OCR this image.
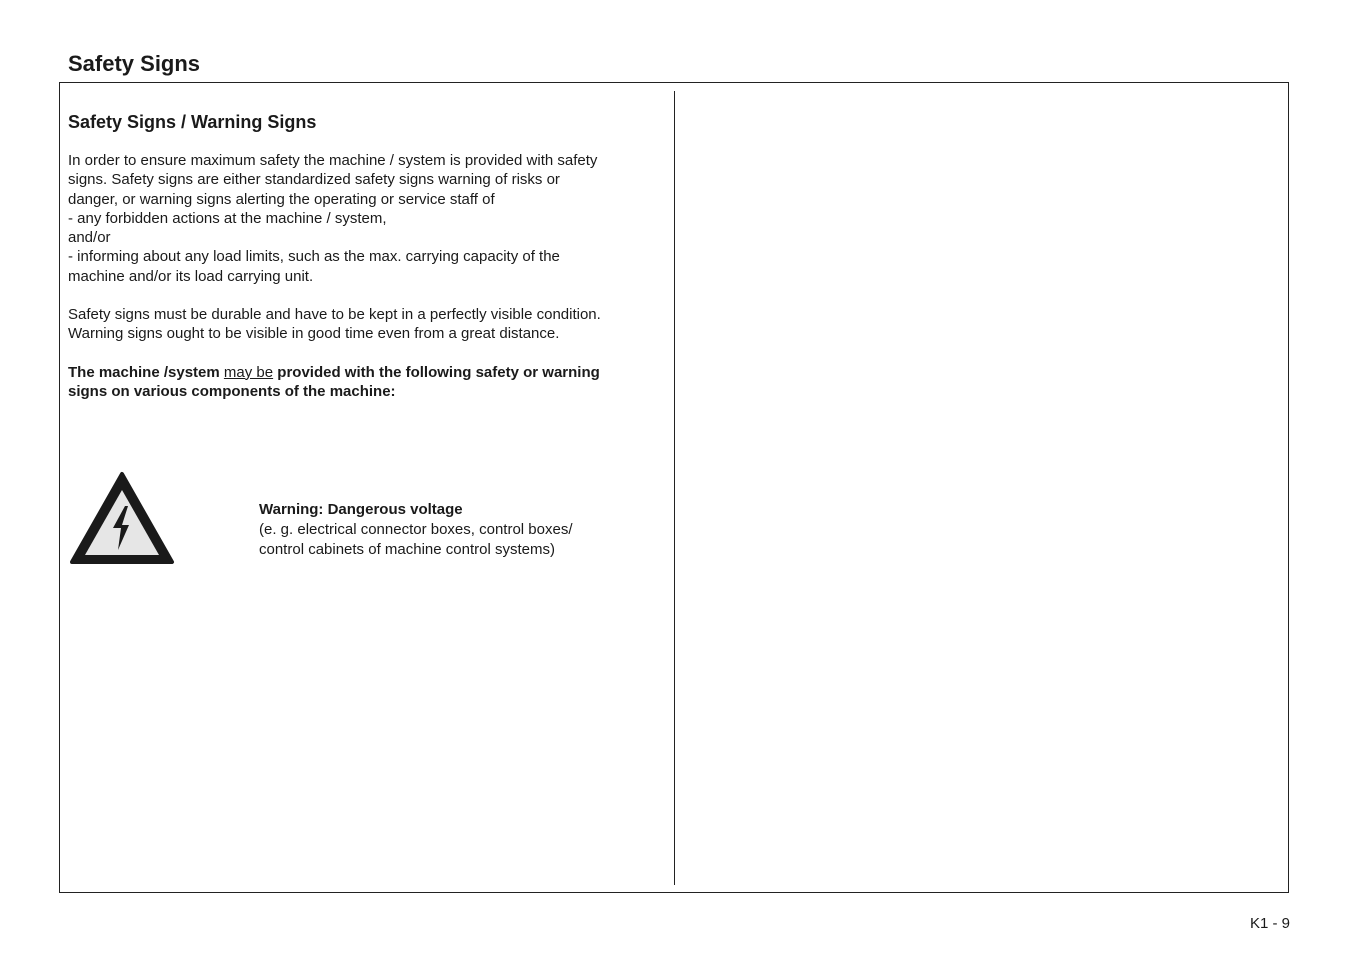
Safety Signs
Safety Signs / Warning Signs
In order to ensure maximum safety the machine / system is provided with safety
signs. Safety signs are either standardized safety signs warning of risks or
danger, or warning signs alerting the operating or service staff of
- any forbidden actions at the machine / system,
and/or
- informing about any load limits, such as the max. carrying capacity of the
machine and/or its load carrying unit.
Safety signs must be durable and have to be kept in a perfectly visible condition.
Warning signs ought to be visible in good time even from a great distance.
The machine /system may be provided with the following safety or warning
signs on various components of the machine:
Warning: Dangerous voltage
(e. g. electrical connector boxes, control boxes/
control cabinets of machine control systems)
K1 - 9
